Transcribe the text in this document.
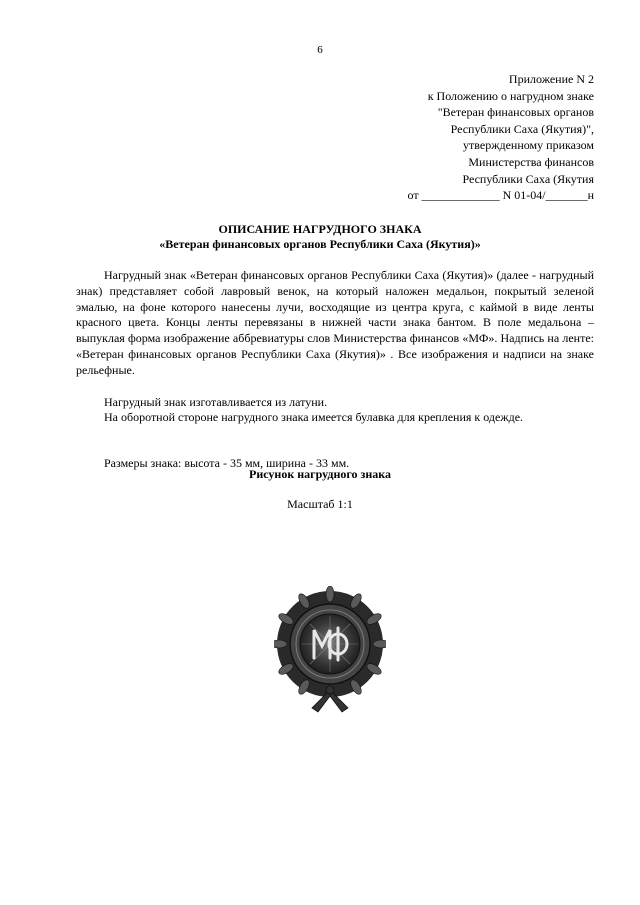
6
Приложение N 2
к Положению о нагрудном знаке
"Ветеран финансовых органов
Республики Саха (Якутия)",
утвержденному приказом
Министерства финансов
Республики Саха (Якутия
от _____________ N 01-04/_______н
ОПИСАНИЕ НАГРУДНОГО ЗНАКА
«Ветеран финансовых органов Республики Саха (Якутия)»

Нагрудный знак «Ветеран финансовых органов Республики Саха (Якутия)» (далее - нагрудный знак) представляет собой лавровый венок, на который наложен медальон, покрытый зеленой эмалью, на фоне которого нанесены лучи, восходящие из центра круга, с каймой в виде ленты красного цвета. Концы ленты перевязаны в нижней части знака бантом. В поле медальона – выпуклая форма изображение аббревиатуры слов Министерства финансов «МФ». Надпись на ленте: «Ветеран финансовых органов Республики Саха (Якутия)» . Все изображения и надписи на знаке рельефные.

Нагрудный знак изготавливается из латуни.

На оборотной стороне нагрудного знака имеется булавка для крепления к одежде.

Размеры знака: высота - 35 мм, ширина - 33 мм.

Рисунок нагрудного знака
Масштаб 1:1
